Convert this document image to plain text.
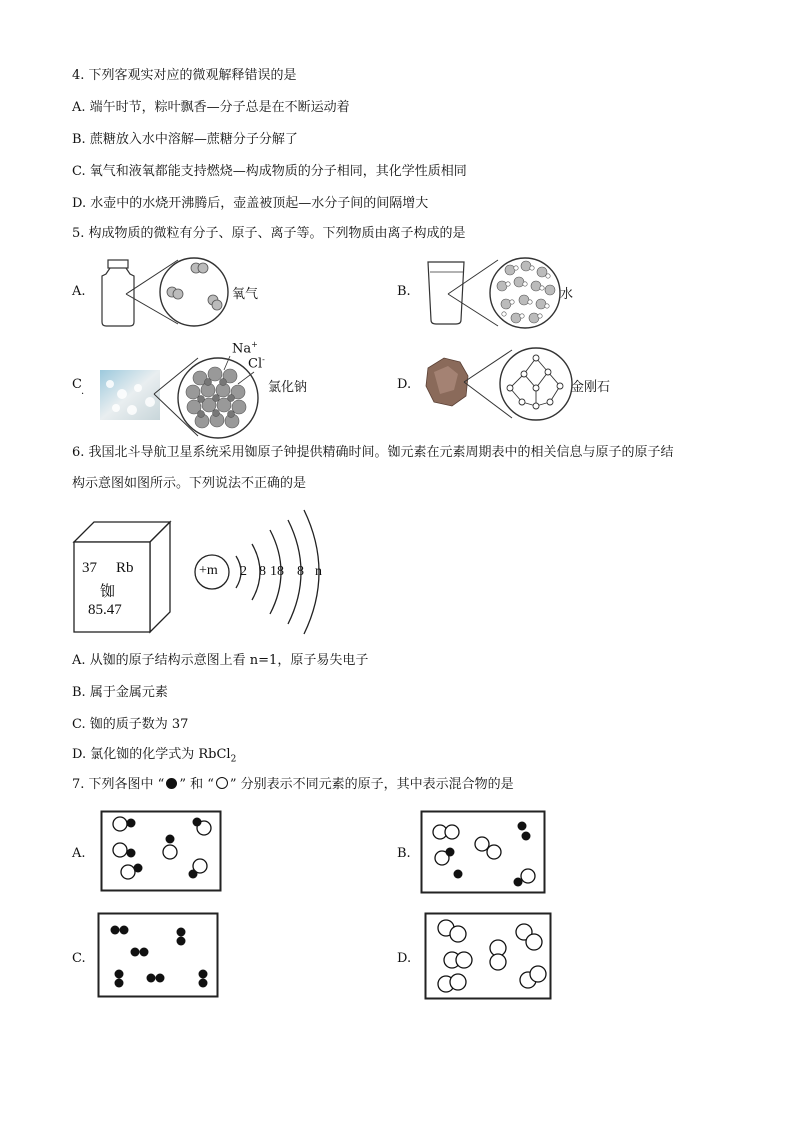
4. 下列客观实对应的微观解释错误的是
A. 端午时节，粽叶飘香—分子总是在不断运动着
B. 蔗糖放入水中溶解—蔗糖分子分解了
C. 氧气和液氧都能支持燃烧—构成物质的分子相同，其化学性质相同
D. 水壶中的水烧开沸腾后，壶盖被顶起—水分子间的间隔增大
5. 构成物质的微粒有分子、原子、离子等。下列物质由离子构成的是
A.	氧气	B.	水
C .
Na+
Cl-
氯化钠	D.	金刚石
6. 我国北斗导航卫星系统采用铷原子钟提供精确时间。铷元素在元素周期表中的相关信息与原子的原子结
构示意图如图所示。下列说法不正确的是
37 Rb
铷
85.47
+m 2 8 18 8 n
A. 从铷的原子结构示意图上看 n=1，原子易失电子
B. 属于金属元素
C. 铷的质子数为 37
D. 氯化铷的化学式为 RbCl$_2$
7. 下列各图中 “ ” 和 “ ” 分别表示不同元素的原子，其中表示混合物的是
A.	B.
C.	D.
